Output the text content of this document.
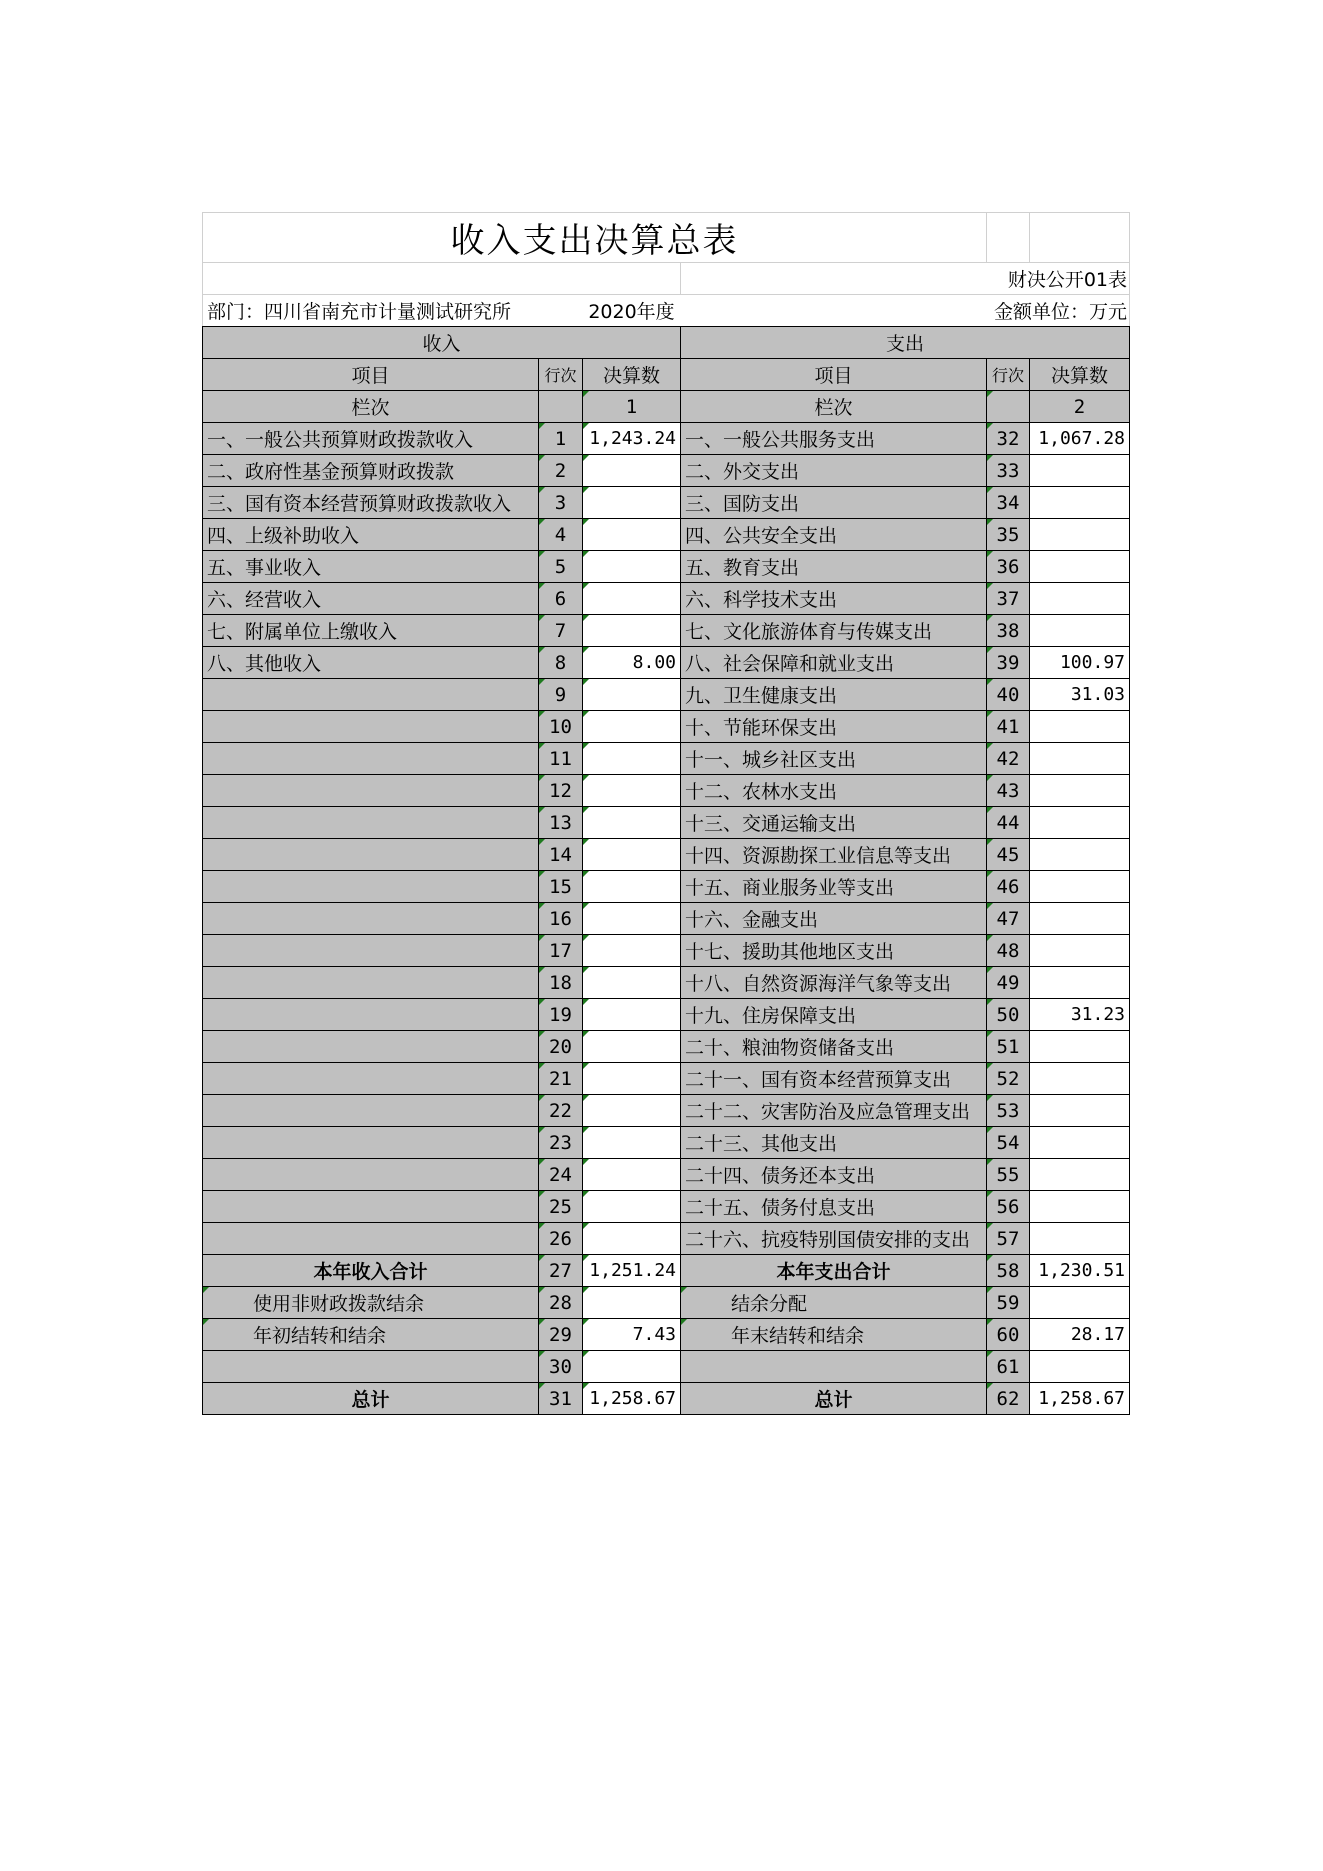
收入支出决算总表					
			财决公开01表		
部门：四川省南充市计量测试研究所		2020年度	金额单位：万元		
收入			支出		
项目	行次	决算数	项目	行次	决算数
栏次		1	栏次		2
一、一般公共预算财政拨款收入	1	1,243.24	一、一般公共服务支出	32	1,067.28
二、政府性基金预算财政拨款	2		二、外交支出	33	
三、国有资本经营预算财政拨款收入	3		三、国防支出	34	
四、上级补助收入	4		四、公共安全支出	35	
五、事业收入	5		五、教育支出	36	
六、经营收入	6		六、科学技术支出	37	
七、附属单位上缴收入	7		七、文化旅游体育与传媒支出	38	
八、其他收入	8	8.00	八、社会保障和就业支出	39	100.97
	9		九、卫生健康支出	40	31.03
	10		十、节能环保支出	41	
	11		十一、城乡社区支出	42	
	12		十二、农林水支出	43	
	13		十三、交通运输支出	44	
	14		十四、资源勘探工业信息等支出	45	
	15		十五、商业服务业等支出	46	
	16		十六、金融支出	47	
	17		十七、援助其他地区支出	48	
	18		十八、自然资源海洋气象等支出	49	
	19		十九、住房保障支出	50	31.23
	20		二十、粮油物资储备支出	51	
	21		二十一、国有资本经营预算支出	52	
	22		二十二、灾害防治及应急管理支出	53	
	23		二十三、其他支出	54	
	24		二十四、债务还本支出	55	
	25		二十五、债务付息支出	56	
	26		二十六、抗疫特别国债安排的支出	57	
本年收入合计	27	1,251.24	本年支出合计	58	1,230.51
使用非财政拨款结余	28		结余分配	59	
年初结转和结余	29	7.43	年末结转和结余	60	28.17
	30			61	
总计	31	1,258.67	总计	62	1,258.67
